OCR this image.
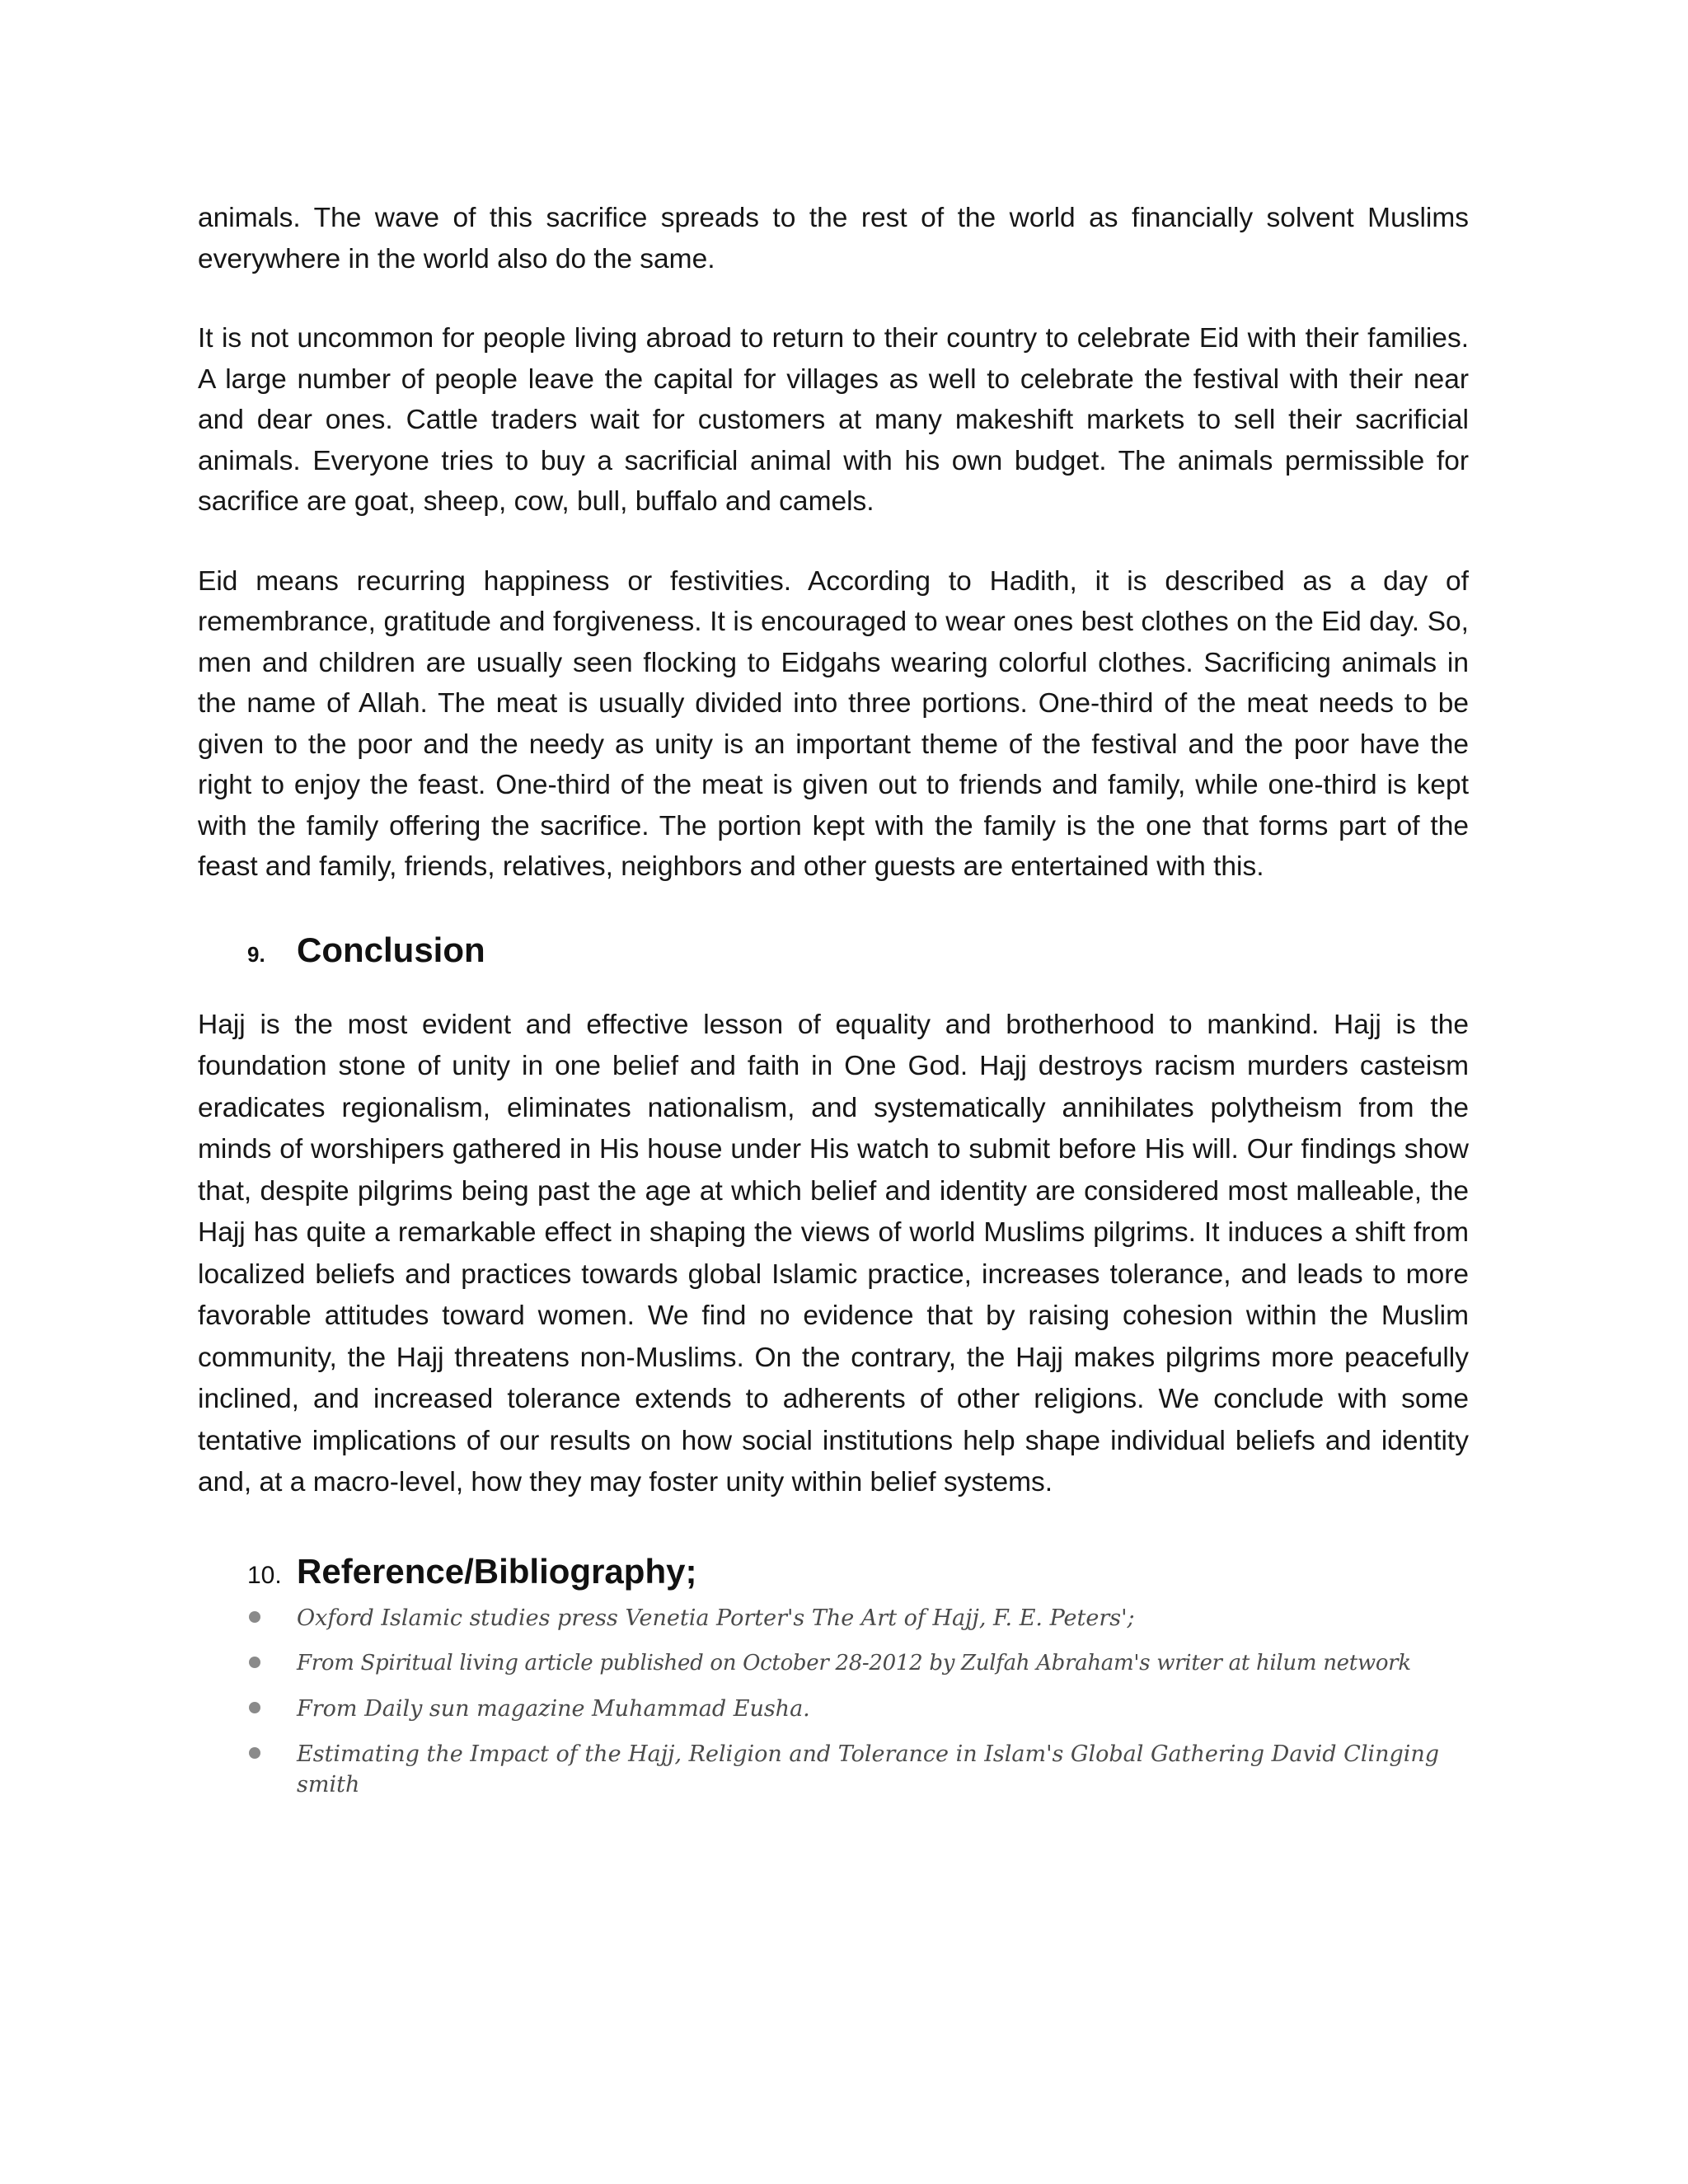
animals. The wave of this sacrifice spreads to the rest of the world as financially solvent Muslims everywhere in the world also do the same.

It is not uncommon for people living abroad to return to their country to celebrate Eid with their families. A large number of people leave the capital for villages as well to celebrate the festival with their near and dear ones. Cattle traders wait for customers at many makeshift markets to sell their sacrificial animals. Everyone tries to buy a sacrificial animal with his own budget. The animals permissible for sacrifice are goat, sheep, cow, bull, buffalo and camels.

Eid means recurring happiness or festivities. According to Hadith, it is described as a day of remembrance, gratitude and forgiveness. It is encouraged to wear ones best clothes on the Eid day. So, men and children are usually seen flocking to Eidgahs wearing colorful clothes. Sacrificing animals in the name of Allah. The meat is usually divided into three portions. One-third of the meat needs to be given to the poor and the needy as unity is an important theme of the festival and the poor have the right to enjoy the feast. One-third of the meat is given out to friends and family, while one-third is kept with the family offering the sacrifice. The portion kept with the family is the one that forms part of the feast and family, friends, relatives, neighbors and other guests are entertained with this.

9. Conclusion

Hajj is the most evident and effective lesson of equality and brotherhood to mankind. Hajj is the foundation stone of unity in one belief and faith in One God. Hajj destroys racism murders casteism eradicates regionalism, eliminates nationalism, and systematically annihilates polytheism from the minds of worshipers gathered in His house under His watch to submit before His will. Our findings show that, despite pilgrims being past the age at which belief and identity are considered most malleable, the Hajj has quite a remarkable effect in shaping the views of world Muslims pilgrims. It induces a shift from localized beliefs and practices towards global Islamic practice, increases tolerance, and leads to more favorable attitudes toward women. We find no evidence that by raising cohesion within the Muslim community, the Hajj threatens non-Muslims. On the contrary, the Hajj makes pilgrims more peacefully inclined, and increased tolerance extends to adherents of other religions. We conclude with some tentative implications of our results on how social institutions help shape individual beliefs and identity and, at a macro-level, how they may foster unity within belief systems.

10. Reference/Bibliography;
Oxford Islamic studies press Venetia Porter's The Art of Hajj, F. E. Peters';
From Spiritual living article published on October 28-2012 by Zulfah Abraham's writer at hilum network
From Daily sun magazine Muhammad Eusha.
Estimating the Impact of the Hajj, Religion and Tolerance in Islam's Global Gathering David Clinging smith
